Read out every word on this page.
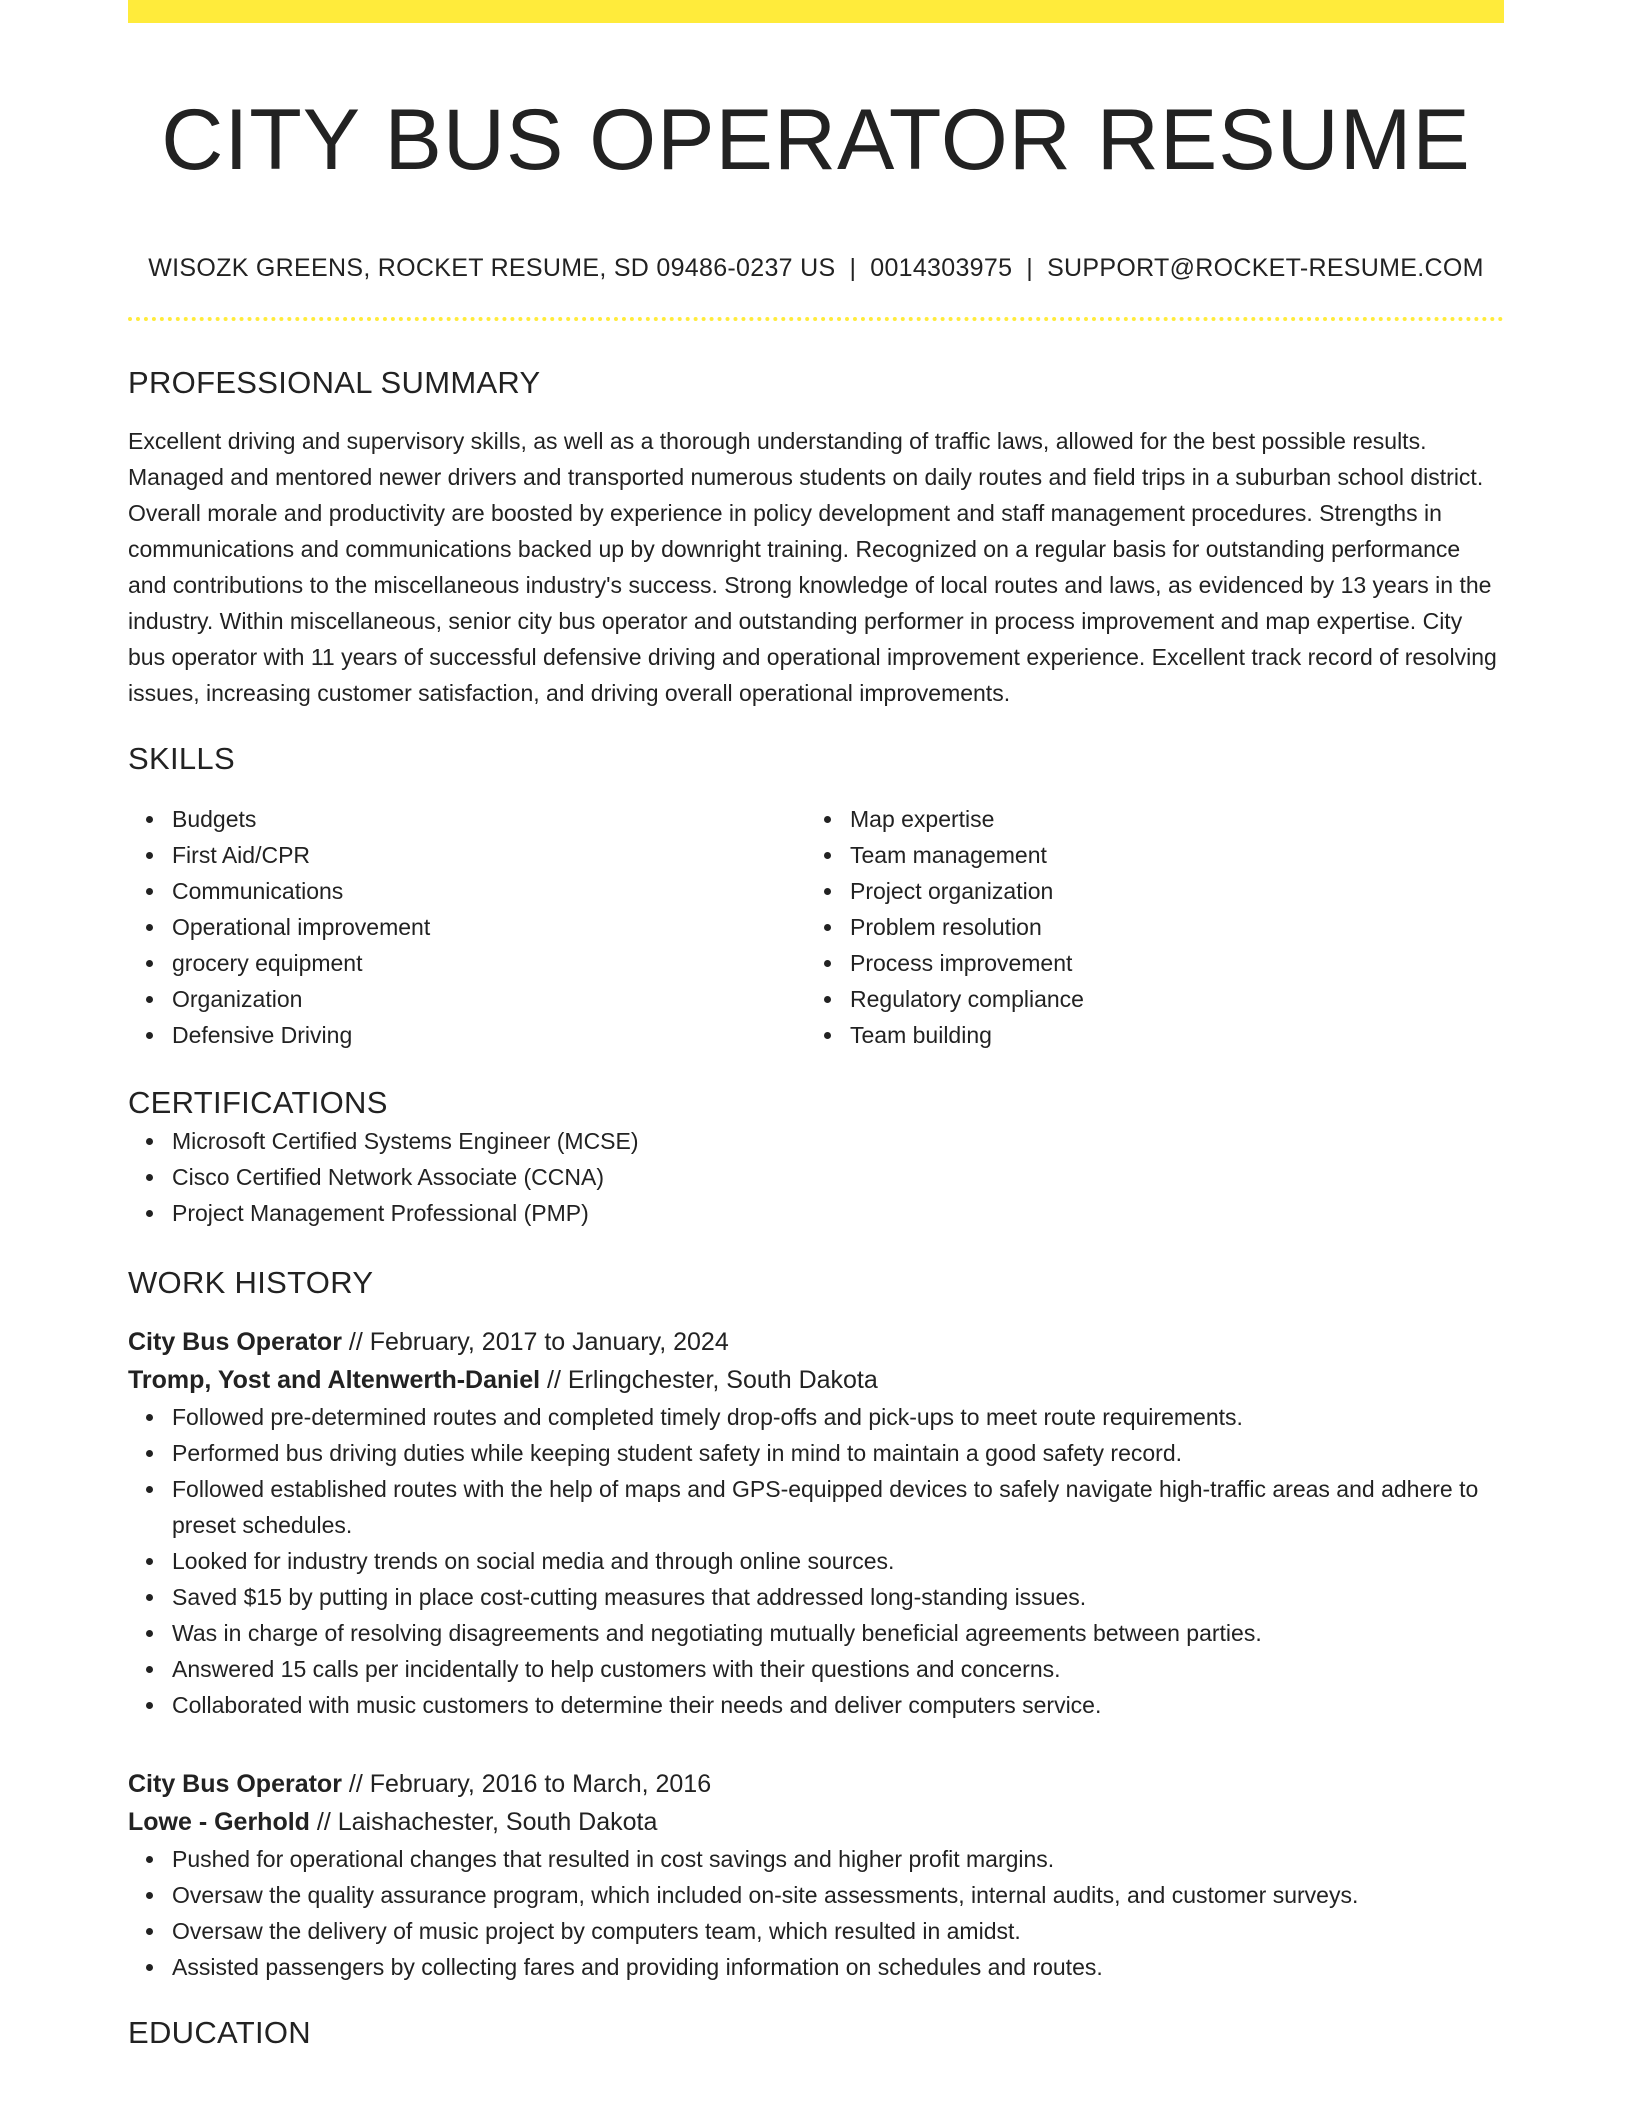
CITY BUS OPERATOR RESUME
WISOZK GREENS, ROCKET RESUME, SD 09486-0237 US | 0014303975 | SUPPORT@ROCKET-RESUME.COM
PROFESSIONAL SUMMARY

Excellent driving and supervisory skills, as well as a thorough understanding of traffic laws, allowed for the best possible results. Managed and mentored newer drivers and transported numerous students on daily routes and field trips in a suburban school district. Overall morale and productivity are boosted by experience in policy development and staff management procedures. Strengths in communications and communications backed up by downright training. Recognized on a regular basis for outstanding performance and contributions to the miscellaneous industry's success. Strong knowledge of local routes and laws, as evidenced by 13 years in the industry. Within miscellaneous, senior city bus operator and outstanding performer in process improvement and map expertise. City bus operator with 11 years of successful defensive driving and operational improvement experience. Excellent track record of resolving issues, increasing customer satisfaction, and driving overall operational improvements.

SKILLS
Budgets
First Aid/CPR
Communications
Operational improvement
grocery equipment
Organization
Defensive Driving
Map expertise
Team management
Project organization
Problem resolution
Process improvement
Regulatory compliance
Team building
CERTIFICATIONS
Microsoft Certified Systems Engineer (MCSE)
Cisco Certified Network Associate (CCNA)
Project Management Professional (PMP)
WORK HISTORY
City Bus Operator // February, 2017 to January, 2024
Tromp, Yost and Altenwerth-Daniel // Erlingchester, South Dakota
Followed pre-determined routes and completed timely drop-offs and pick-ups to meet route requirements.
Performed bus driving duties while keeping student safety in mind to maintain a good safety record.
Followed established routes with the help of maps and GPS-equipped devices to safely navigate high-traffic areas and adhere to preset schedules.
Looked for industry trends on social media and through online sources.
Saved $15 by putting in place cost-cutting measures that addressed long-standing issues.
Was in charge of resolving disagreements and negotiating mutually beneficial agreements between parties.
Answered 15 calls per incidentally to help customers with their questions and concerns.
Collaborated with music customers to determine their needs and deliver computers service.
City Bus Operator // February, 2016 to March, 2016
Lowe - Gerhold // Laishachester, South Dakota
Pushed for operational changes that resulted in cost savings and higher profit margins.
Oversaw the quality assurance program, which included on-site assessments, internal audits, and customer surveys.
Oversaw the delivery of music project by computers team, which resulted in amidst.
Assisted passengers by collecting fares and providing information on schedules and routes.
EDUCATION
